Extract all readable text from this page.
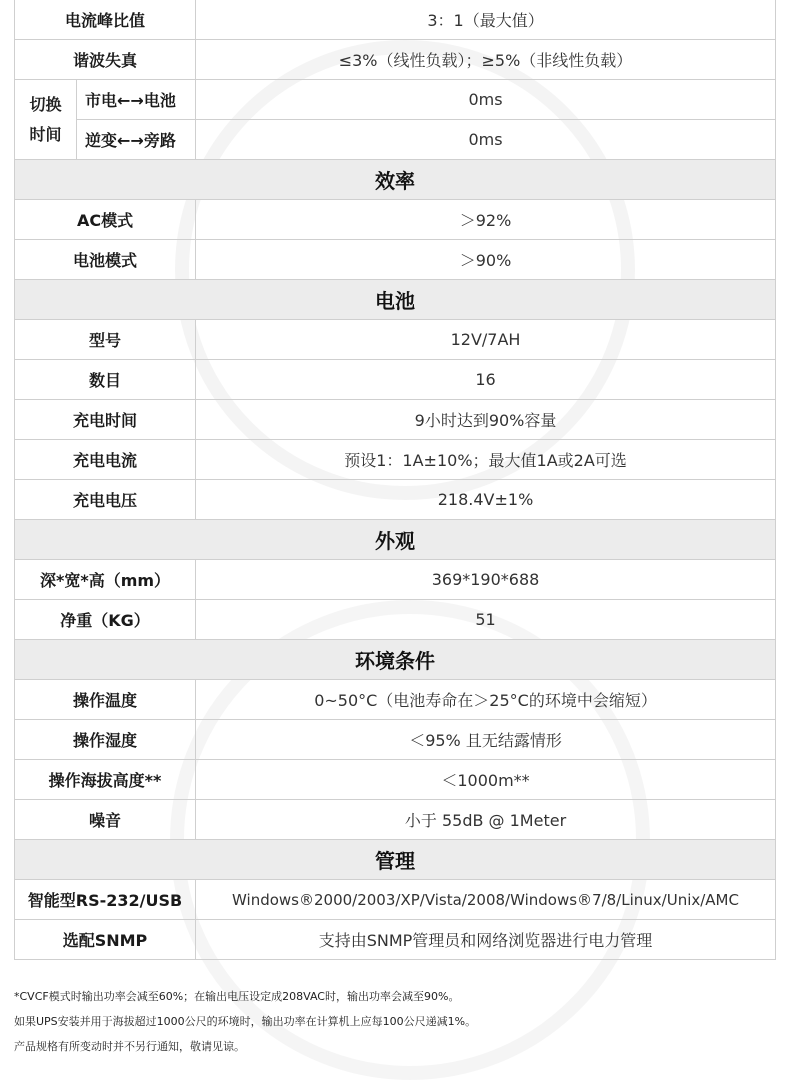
电流峰比值		3：1（最大值）
谐波失真		≤3%（线性负载）；≥5%（非线性负载）

切换
时间	市电←→电池	0ms
	逆变←→旁路	0ms
效率		
AC模式		＞92%
电池模式		＞90%
电池		
型号		12V/7AH
数目		16
充电时间		9小时达到90%容量
充电电流		预设1：1A±10%；最大值1A或2A可选
充电电压		218.4V±1%
外观		
深*宽*高（mm）		369*190*688
净重（KG）		51
环境条件		
操作温度		0~50°C（电池寿命在＞25°C的环境中会缩短）
操作湿度		＜95% 且无结露情形
操作海拔高度**		＜1000m**
噪音		小于 55dB @ 1Meter
管理		
智能型RS-232/USB		Windows®2000/2003/XP/Vista/2008/Windows®7/8/Linux/Unix/AMC
选配SNMP		支持由SNMP管理员和网络浏览器进行电力管理
*CVCF模式时输出功率会减至60%；在输出电压设定成208VAC时，输出功率会减至90%。
如果UPS安装并用于海拔超过1000公尺的环境时，输出功率在计算机上应每100公尺递减1%。
产品规格有所变动时并不另行通知，敬请见谅。
